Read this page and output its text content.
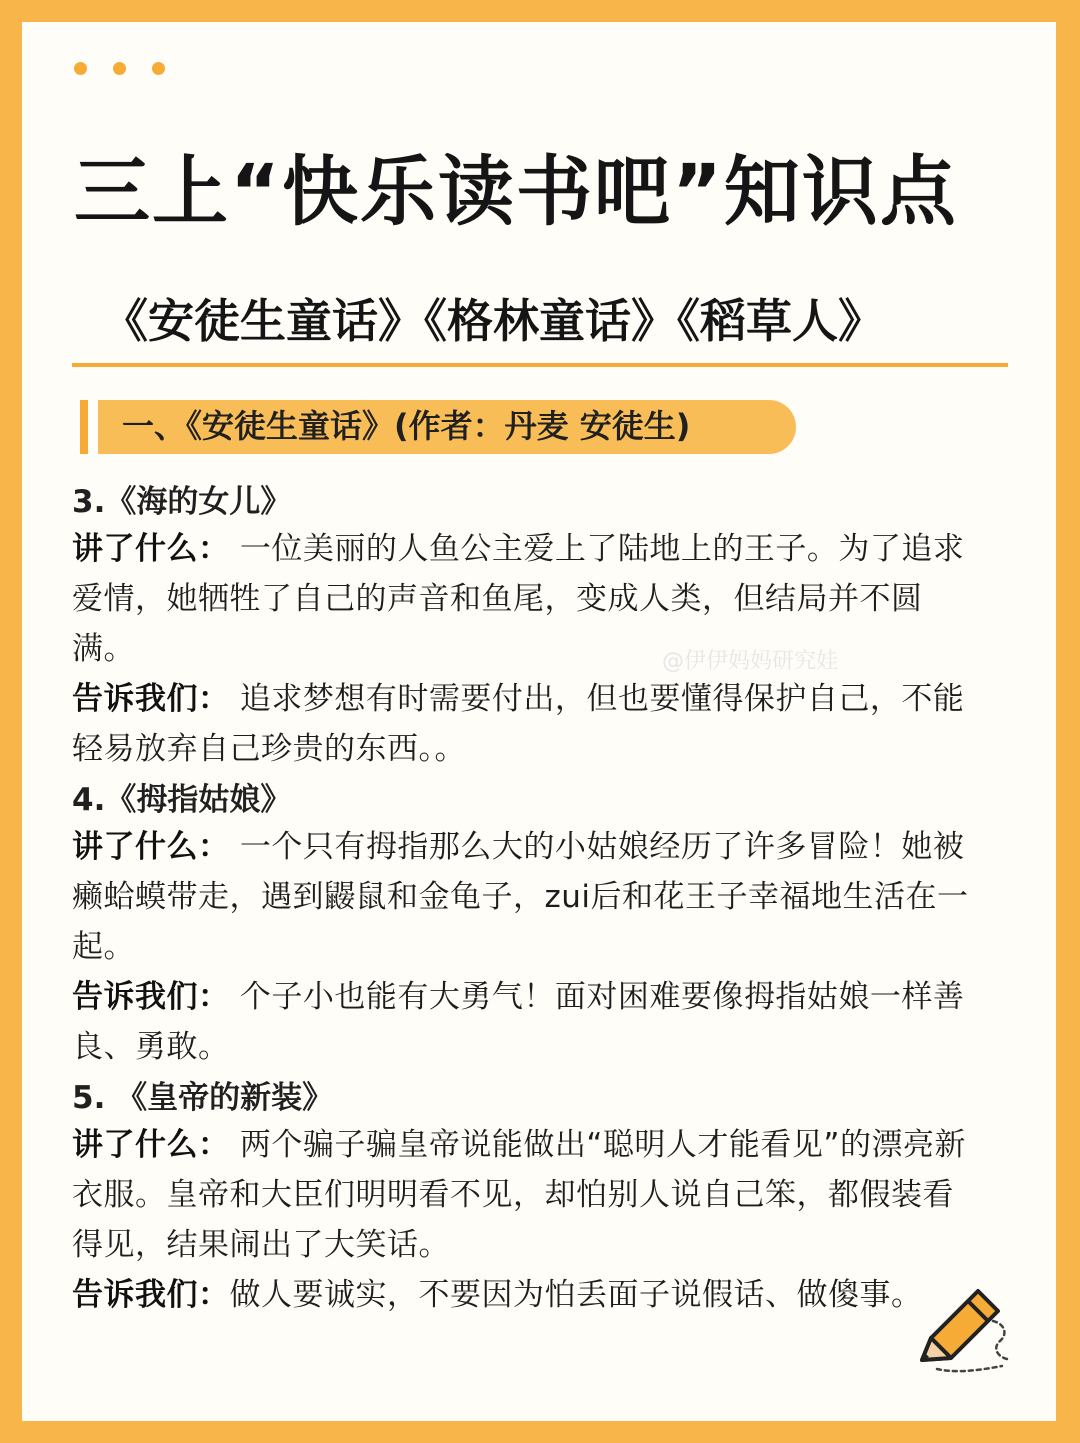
三上“快乐读书吧”知识点
《安徒生童话》《格林童话》《稻草人》
一、《安徒生童话》(作者：丹麦 安徒生)
3.《海的女儿》

讲了什么： 一位美丽的人鱼公主爱上了陆地上的王子。为了追求爱情，她牺牲了自己的声音和鱼尾，变成人类，但结局并不圆满。

告诉我们： 追求梦想有时需要付出，但也要懂得保护自己，不能轻易放弃自己珍贵的东西。。

4.《拇指姑娘》

讲了什么： 一个只有拇指那么大的小姑娘经历了许多冒险！她被癞蛤蟆带走，遇到鼹鼠和金龟子，zui后和花王子幸福地生活在一起。

告诉我们： 个子小也能有大勇气！面对困难要像拇指姑娘一样善良、勇敢。

5. 《皇帝的新装》

讲了什么： 两个骗子骗皇帝说能做出“聪明人才能看见”的漂亮新衣服。皇帝和大臣们明明看不见，却怕别人说自己笨，都假装看得见，结果闹出了大笑话。

告诉我们：做人要诚实，不要因为怕丢面子说假话、做傻事。

@伊伊妈妈研究娃
